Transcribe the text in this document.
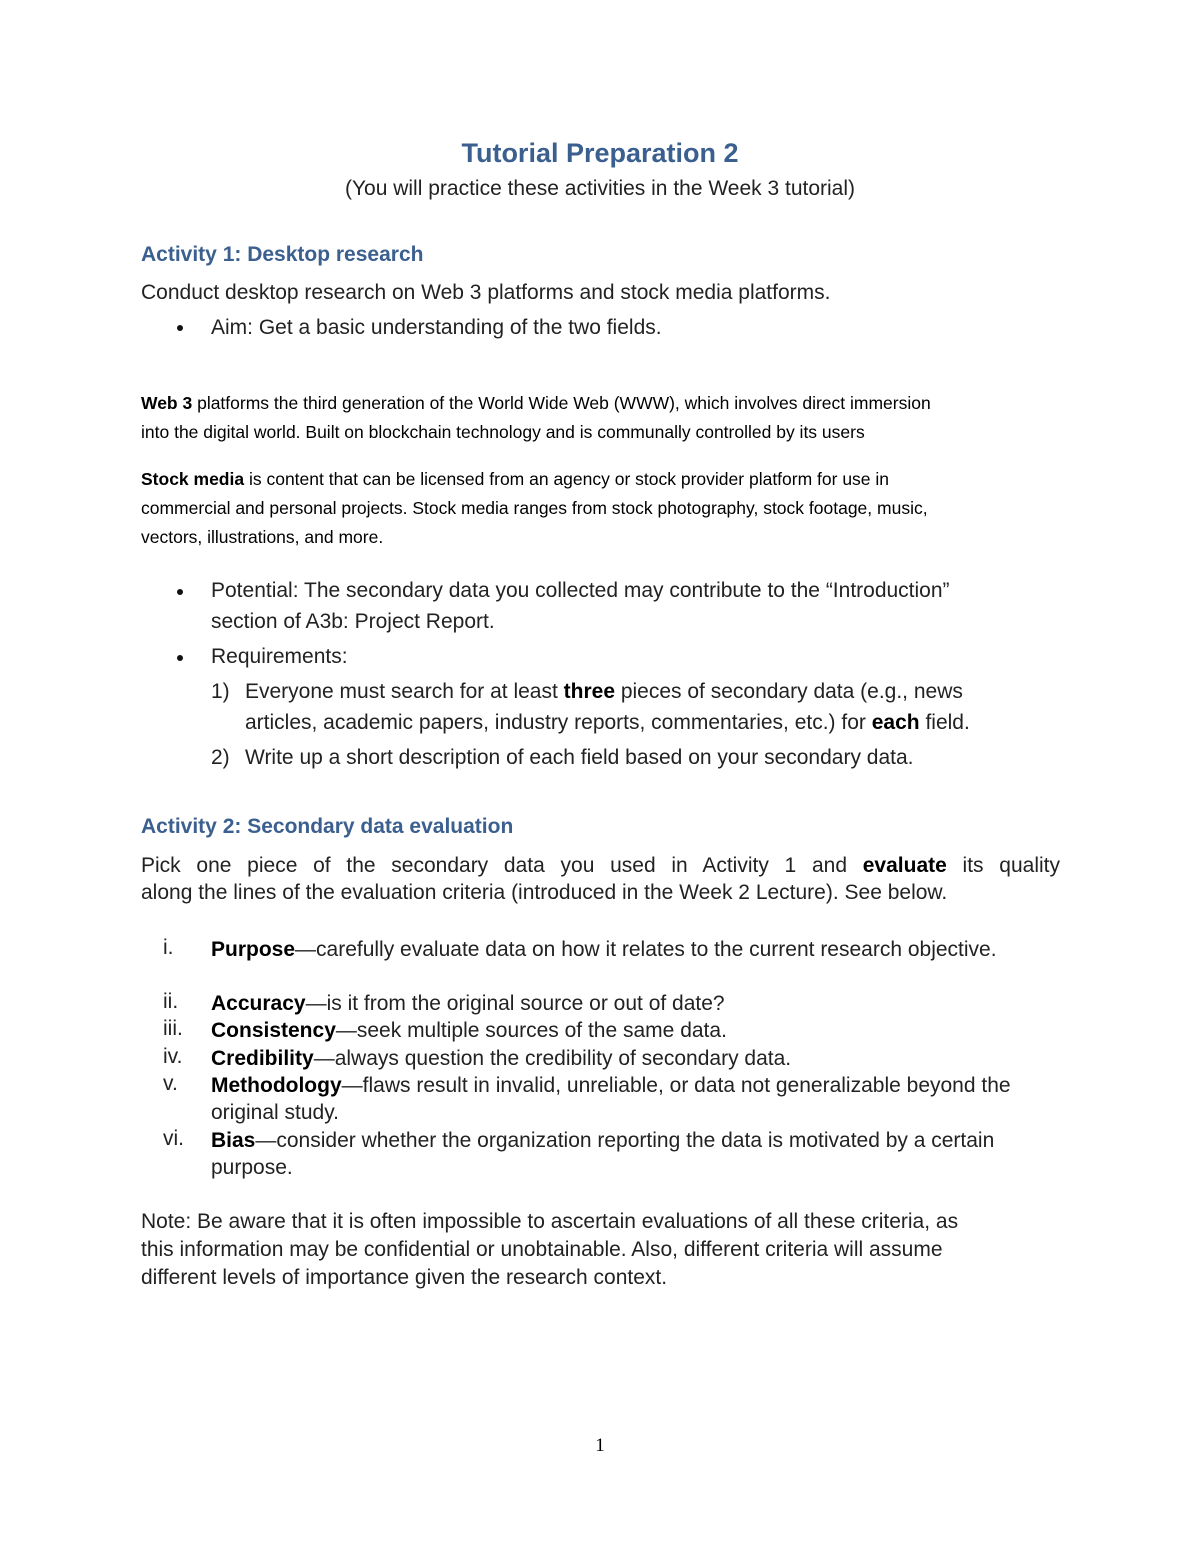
Tutorial Preparation 2
(You will practice these activities in the Week 3 tutorial)
Activity 1: Desktop research
Conduct desktop research on Web 3 platforms and stock media platforms.
Aim: Get a basic understanding of the two fields.
Web 3 platforms the third generation of the World Wide Web (WWW), which involves direct immersion
into the digital world. Built on blockchain technology and is communally controlled by its users
Stock media is content that can be licensed from an agency or stock provider platform for use in
commercial and personal projects. Stock media ranges from stock photography, stock footage, music,
vectors, illustrations, and more.
Potential: The secondary data you collected may contribute to the “Introduction”
section of A3b: Project Report.
Requirements:
1) Everyone must search for at least three pieces of secondary data (e.g., news
articles, academic papers, industry reports, commentaries, etc.) for each field.
2) Write up a short description of each field based on your secondary data.
Activity 2: Secondary data evaluation
Pick one piece of the secondary data you used in Activity 1 and evaluate its quality
along the lines of the evaluation criteria (introduced in the Week 2 Lecture). See below.
i. Purpose—carefully evaluate data on how it relates to the current research objective.
ii. Accuracy—is it from the original source or out of date?
iii. Consistency—seek multiple sources of the same data.
iv. Credibility—always question the credibility of secondary data.
v. Methodology—flaws result in invalid, unreliable, or data not generalizable beyond the original study.
vi. Bias—consider whether the organization reporting the data is motivated by a certain purpose.
Note: Be aware that it is often impossible to ascertain evaluations of all these criteria, as
this information may be confidential or unobtainable. Also, different criteria will assume
different levels of importance given the research context.
1
